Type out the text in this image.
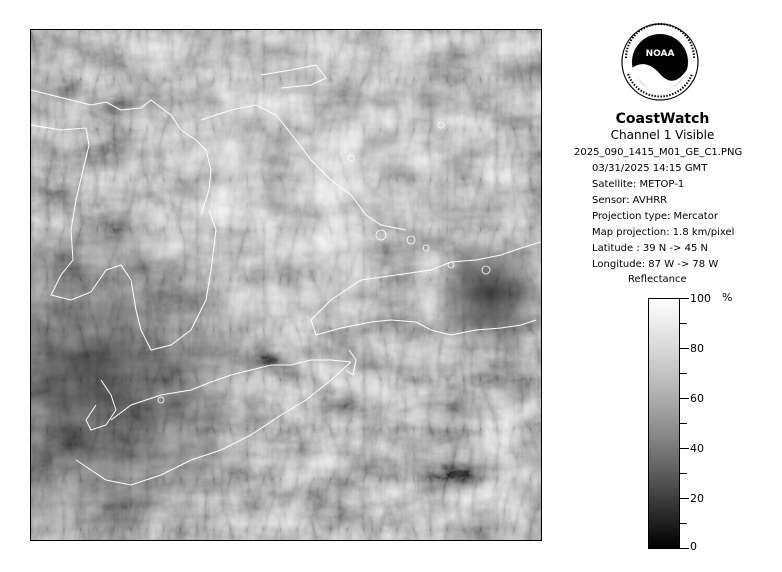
NOAA
CoastWatch
Channel 1 Visible
2025_090_1415_M01_GE_C1.PNG
03/31/2025 14:15 GMT
Satellite: METOP-1
Sensor: AVHRR
Projection type: Mercator
Map projection: 1.8 km/pixel
Latitude : 39 N -> 45 N
Longitude: 87 W -> 78 W
Reflectance
%
100
80
60
40
20
0
